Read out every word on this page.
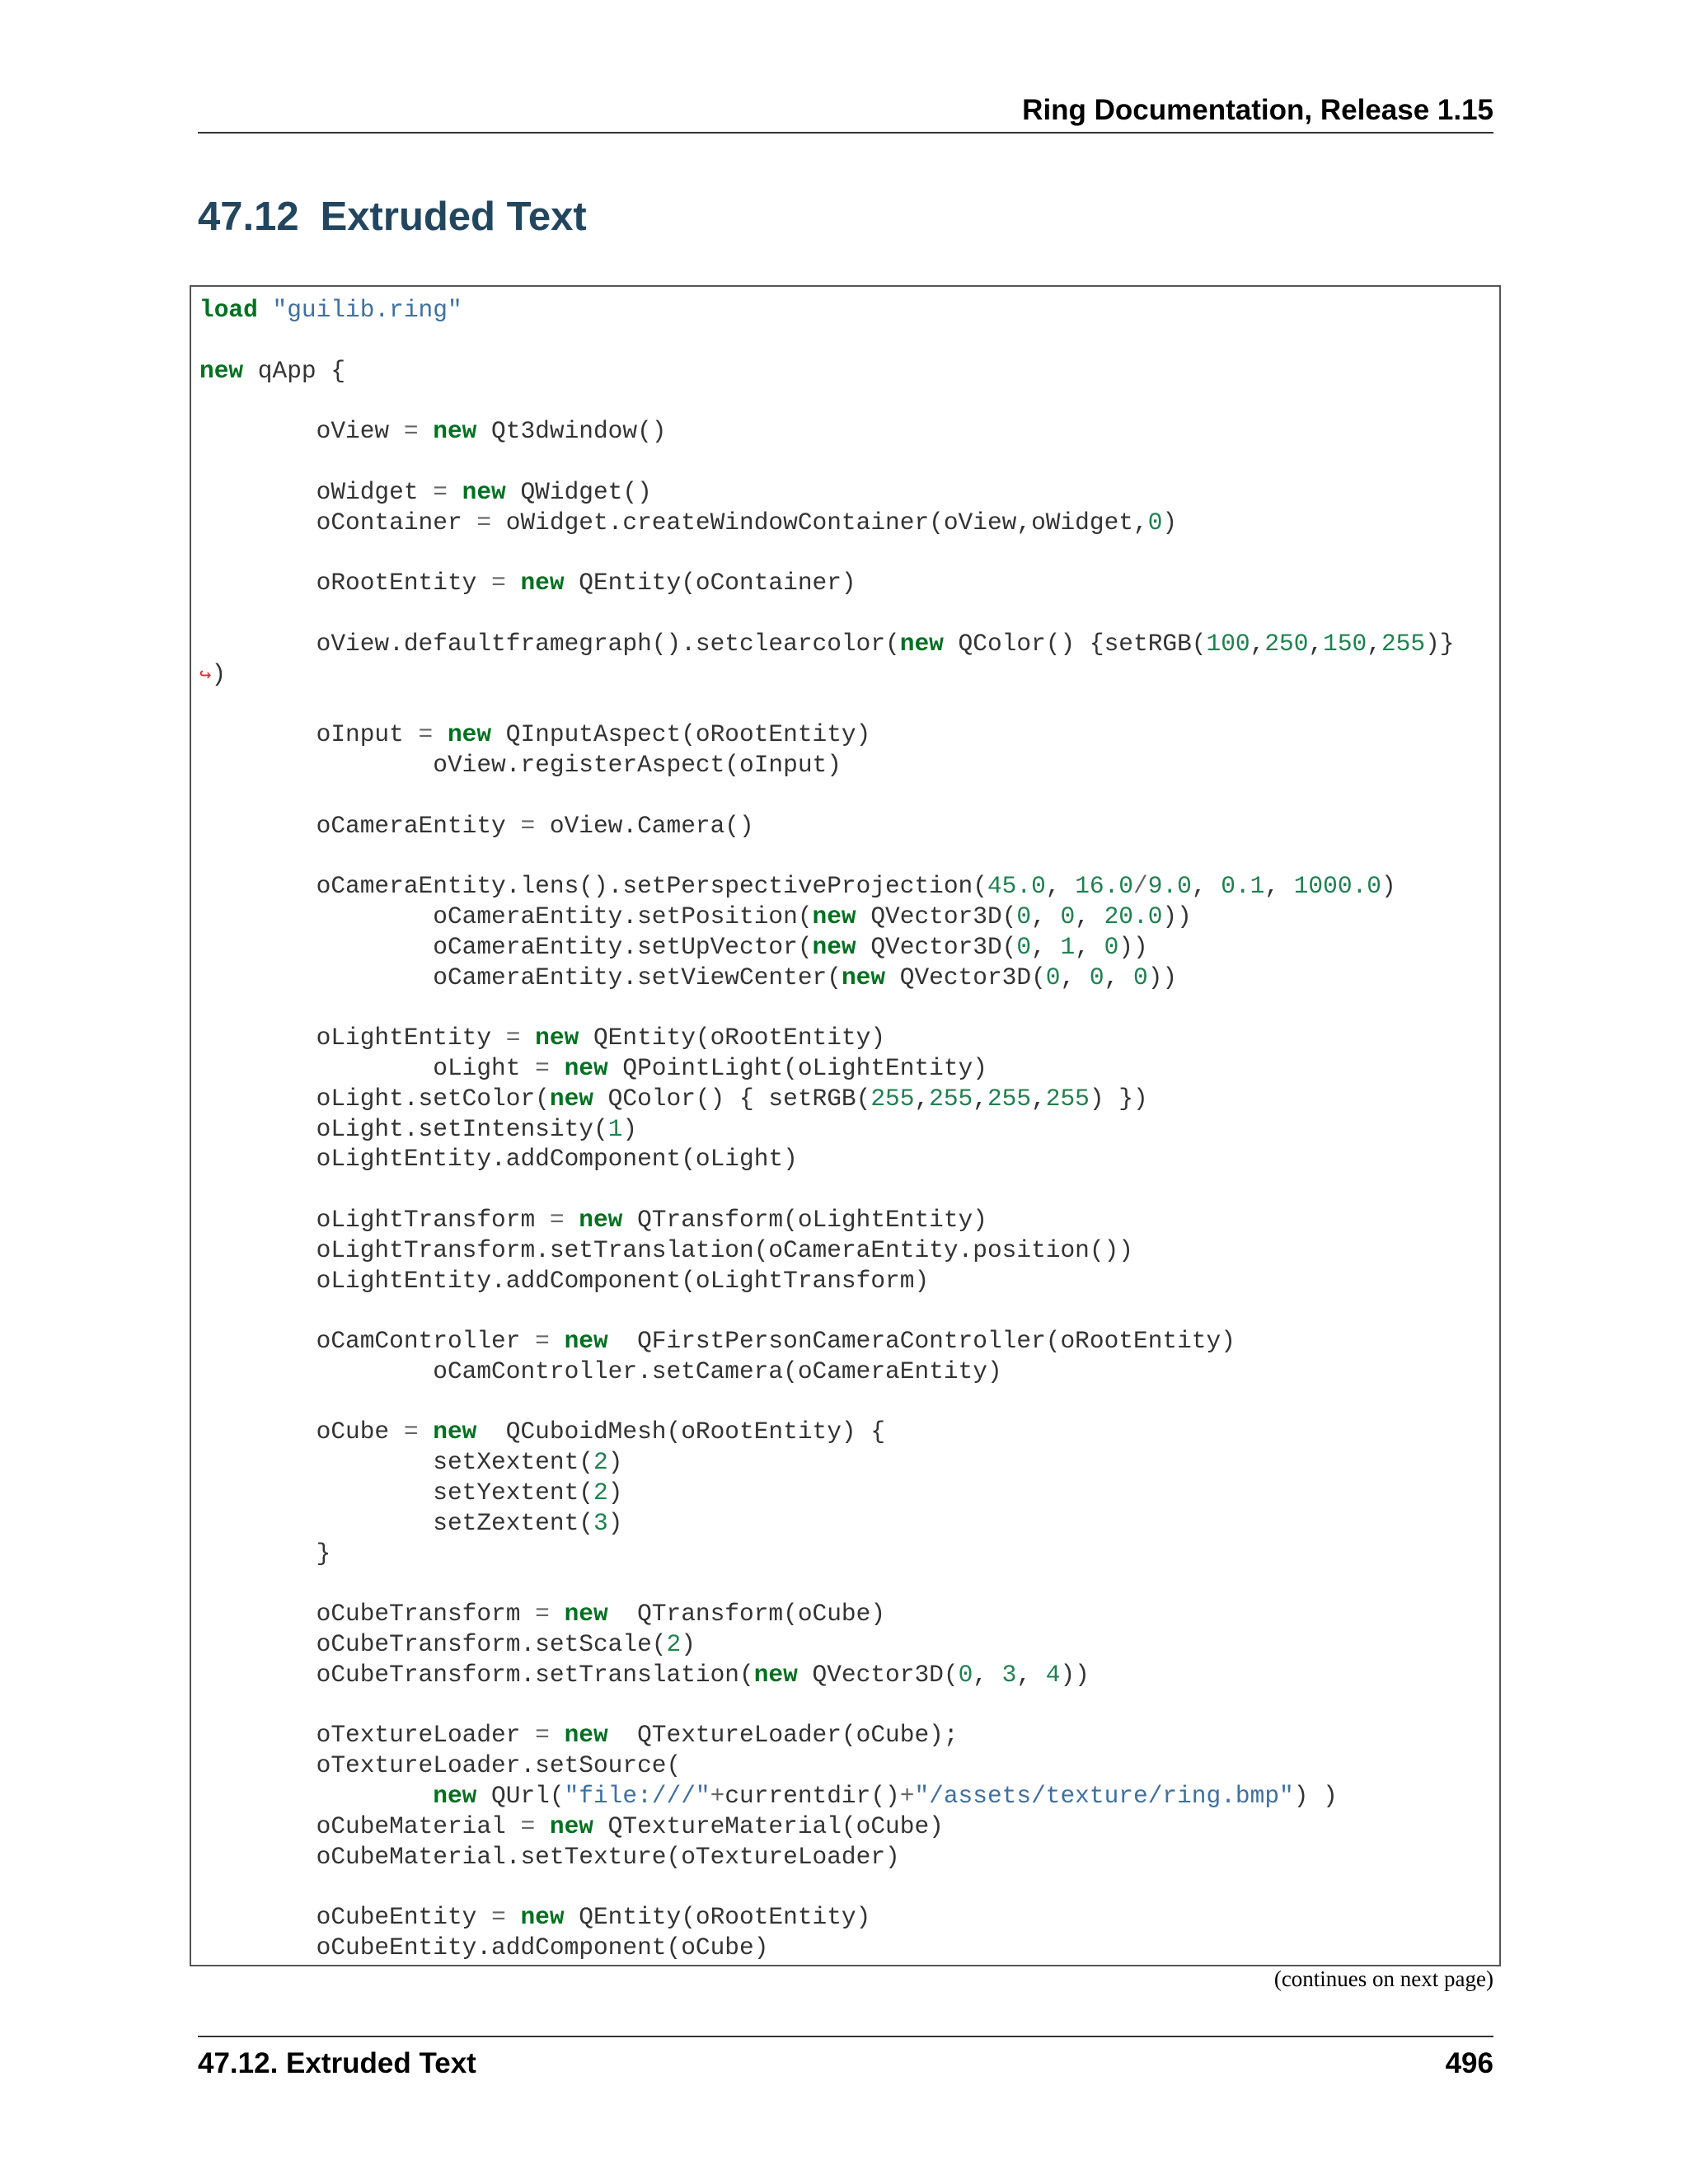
Ring Documentation, Release 1.15
47.12 Extruded Text
load "guilib.ring"
new qApp {
oView = new Qt3dwindow()
oWidget = new QWidget()
oContainer = oWidget.createWindowContainer(oView,oWidget,0)
oRootEntity = new QEntity(oContainer)
oView.defaultframegraph().setclearcolor(new QColor() {setRGB(100,250,150,255)}
↪)
oInput = new QInputAspect(oRootEntity)
oView.registerAspect(oInput)
oCameraEntity = oView.Camera()
oCameraEntity.lens().setPerspectiveProjection(45.0, 16.0/9.0, 0.1, 1000.0)
oCameraEntity.setPosition(new QVector3D(0, 0, 20.0))
oCameraEntity.setUpVector(new QVector3D(0, 1, 0))
oCameraEntity.setViewCenter(new QVector3D(0, 0, 0))
oLightEntity = new QEntity(oRootEntity)
oLight = new QPointLight(oLightEntity)
oLight.setColor(new QColor() { setRGB(255,255,255,255) })
oLight.setIntensity(1)
oLightEntity.addComponent(oLight)
oLightTransform = new QTransform(oLightEntity)
oLightTransform.setTranslation(oCameraEntity.position())
oLightEntity.addComponent(oLightTransform)
oCamController = new  QFirstPersonCameraController(oRootEntity)
oCamController.setCamera(oCameraEntity)
oCube = new  QCuboidMesh(oRootEntity) {
setXextent(2)
setYextent(2)
setZextent(3)
}
oCubeTransform = new  QTransform(oCube)
oCubeTransform.setScale(2)
oCubeTransform.setTranslation(new QVector3D(0, 3, 4))
oTextureLoader = new  QTextureLoader(oCube);
oTextureLoader.setSource(
new QUrl("file:///"+currentdir()+"/assets/texture/ring.bmp") )
oCubeMaterial = new QTextureMaterial(oCube)
oCubeMaterial.setTexture(oTextureLoader)
oCubeEntity = new QEntity(oRootEntity)
oCubeEntity.addComponent(oCube)
(continues on next page)
47.12. Extruded Text	496
